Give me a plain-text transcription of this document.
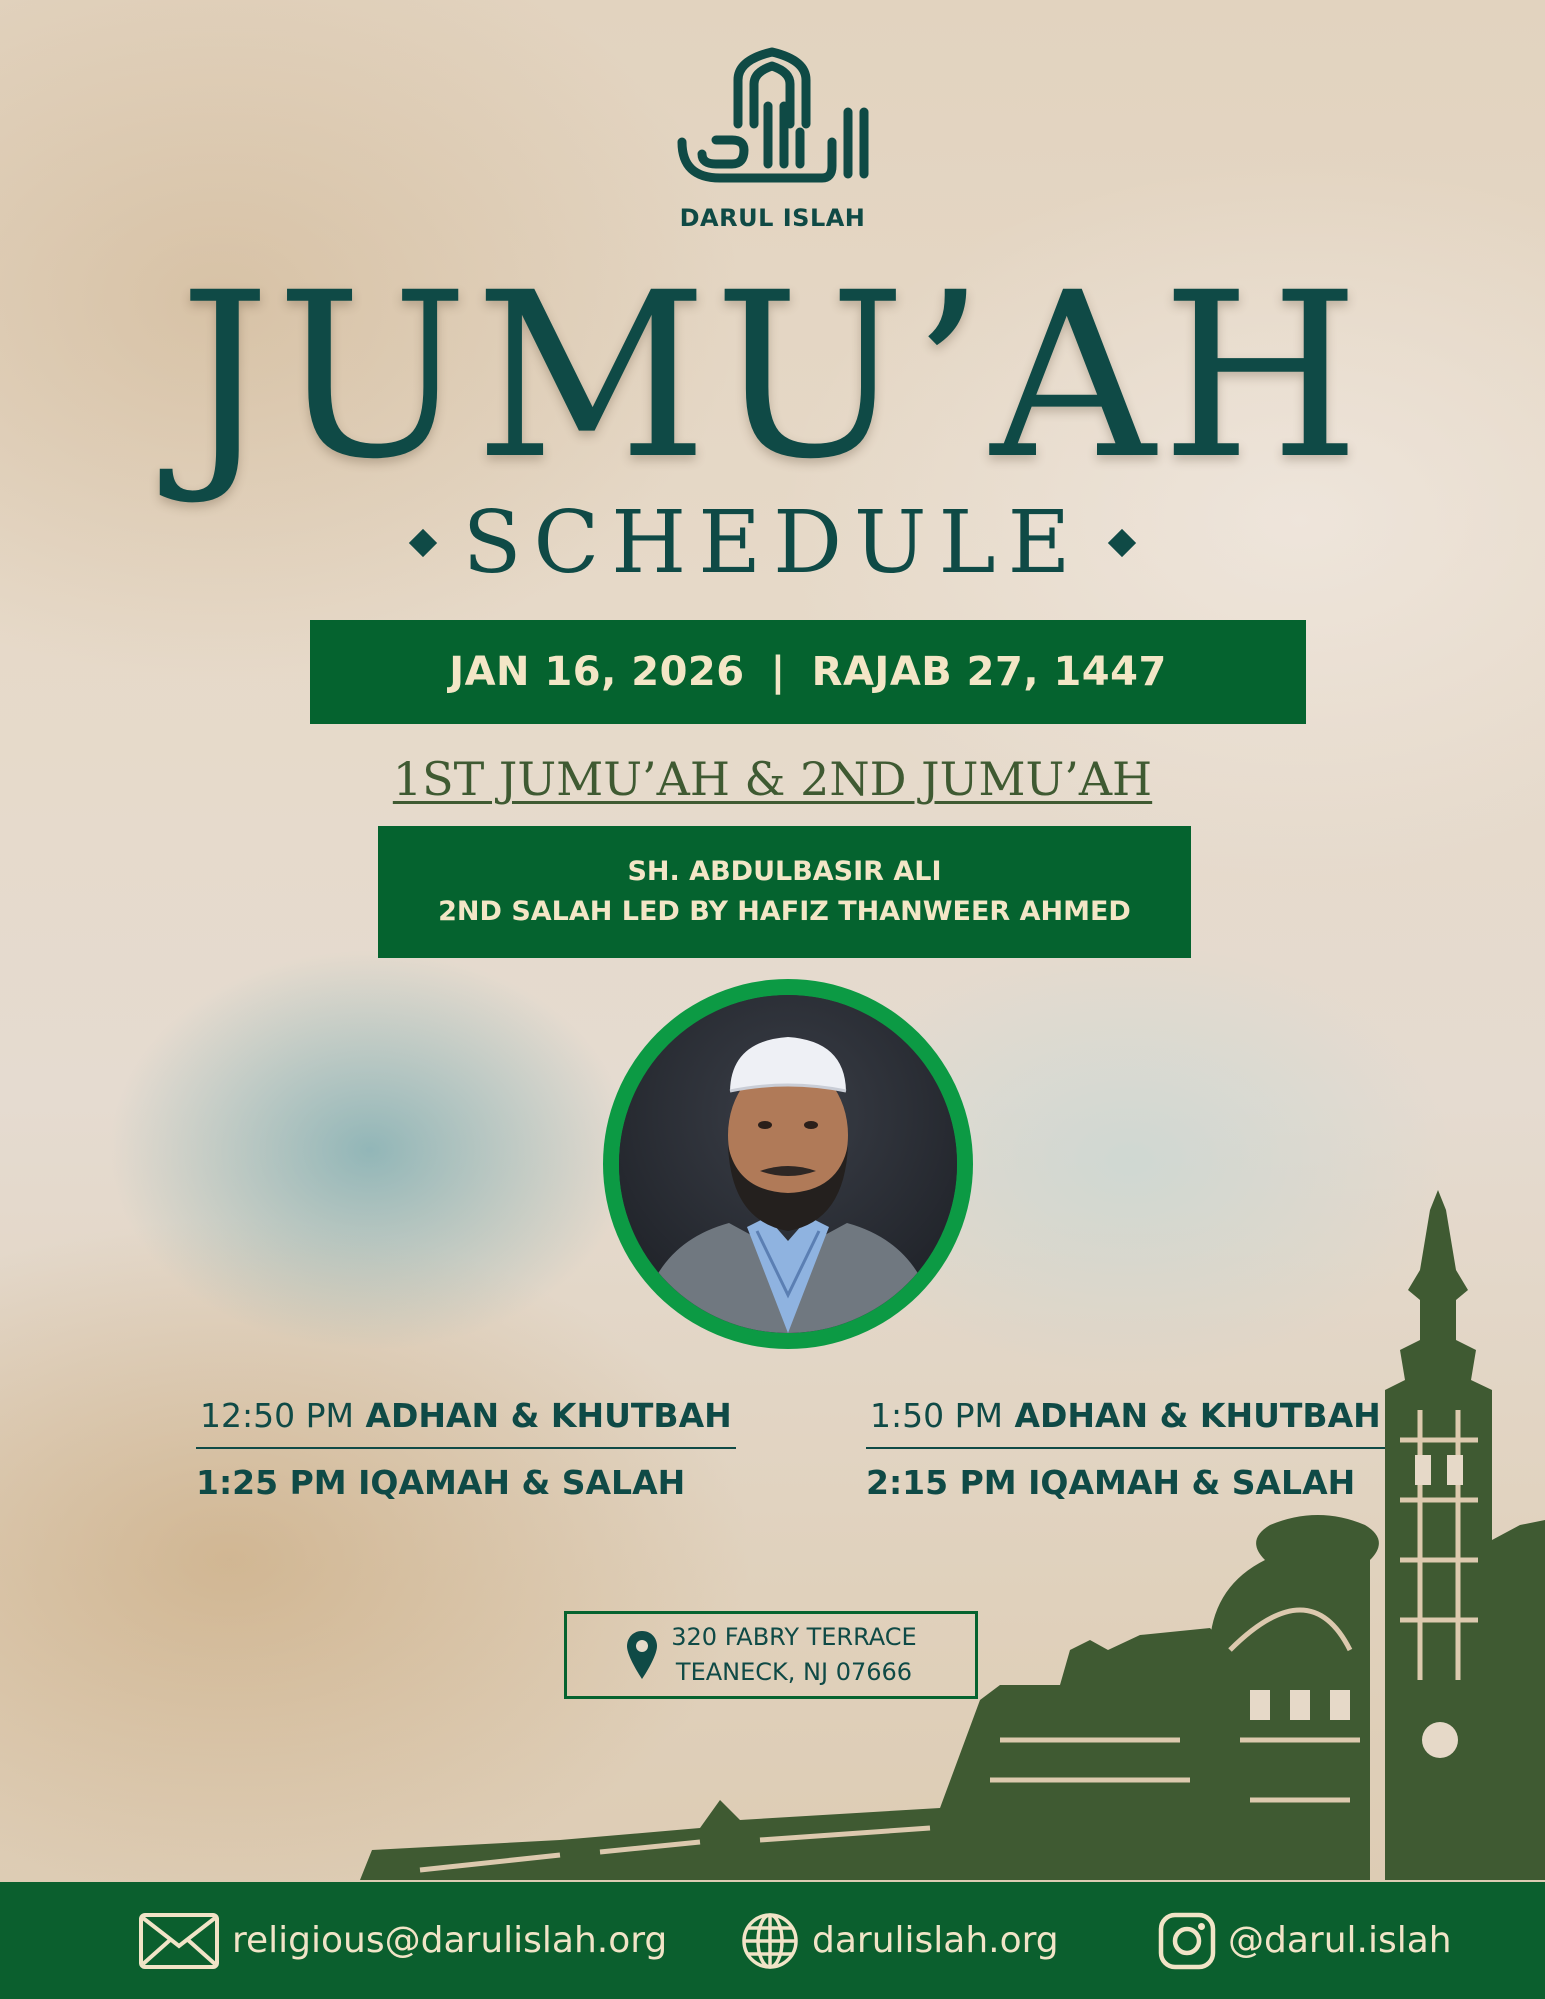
DARUL ISLAH
JUMU’AH
SCHEDULE
JAN 16, 2026 | RAJAB 27, 1447
1ST JUMU’AH & 2ND JUMU’AH
SH. ABDULBASIR ALI
2ND SALAH LED BY HAFIZ THANWEER AHMED
12:50 PM ADHAN & KHUTBAH
1:25 PM IQAMAH & SALAH
1:50 PM ADHAN & KHUTBAH
2:15 PM IQAMAH & SALAH
320 FABRY TERRACE
TEANECK, NJ 07666
religious@darulislah.org	darulislah.org	@darul.islah
